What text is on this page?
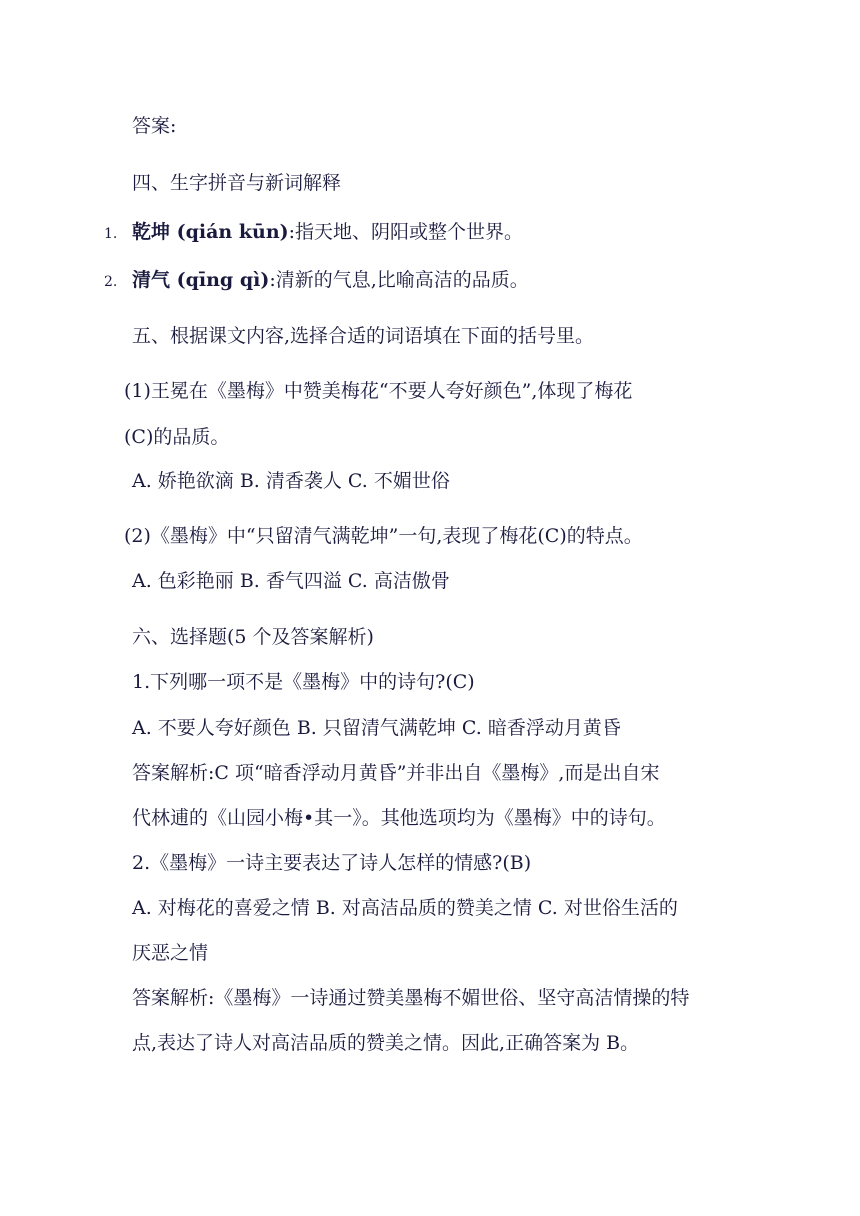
答案:
四、生字拼音与新词解释
1. 乾坤 (qián kūn):指天地、阴阳或整个世界。
2. 清气 (qīng qì):清新的气息,比喻高洁的品质。
五、根据课文内容,选择合适的词语填在下面的括号里。
(1)王冕在《墨梅》中赞美梅花“不要人夸好颜色”,体现了梅花
(C)的品质。
A. 娇艳欲滴 B. 清香袭人 C. 不媚世俗
(2)《墨梅》中“只留清气满乾坤”一句,表现了梅花(C)的特点。
A. 色彩艳丽 B. 香气四溢 C. 高洁傲骨
六、选择题(5 个及答案解析)
1.下列哪一项不是《墨梅》中的诗句?(C)
A. 不要人夸好颜色 B. 只留清气满乾坤 C. 暗香浮动月黄昏
答案解析:C 项“暗香浮动月黄昏”并非出自《墨梅》,而是出自宋
代林逋的《山园小梅•其一》。其他选项均为《墨梅》中的诗句。
2.《墨梅》一诗主要表达了诗人怎样的情感?(B)
A. 对梅花的喜爱之情 B. 对高洁品质的赞美之情 C. 对世俗生活的
厌恶之情
答案解析:《墨梅》一诗通过赞美墨梅不媚世俗、坚守高洁情操的特
点,表达了诗人对高洁品质的赞美之情。因此,正确答案为 B。
